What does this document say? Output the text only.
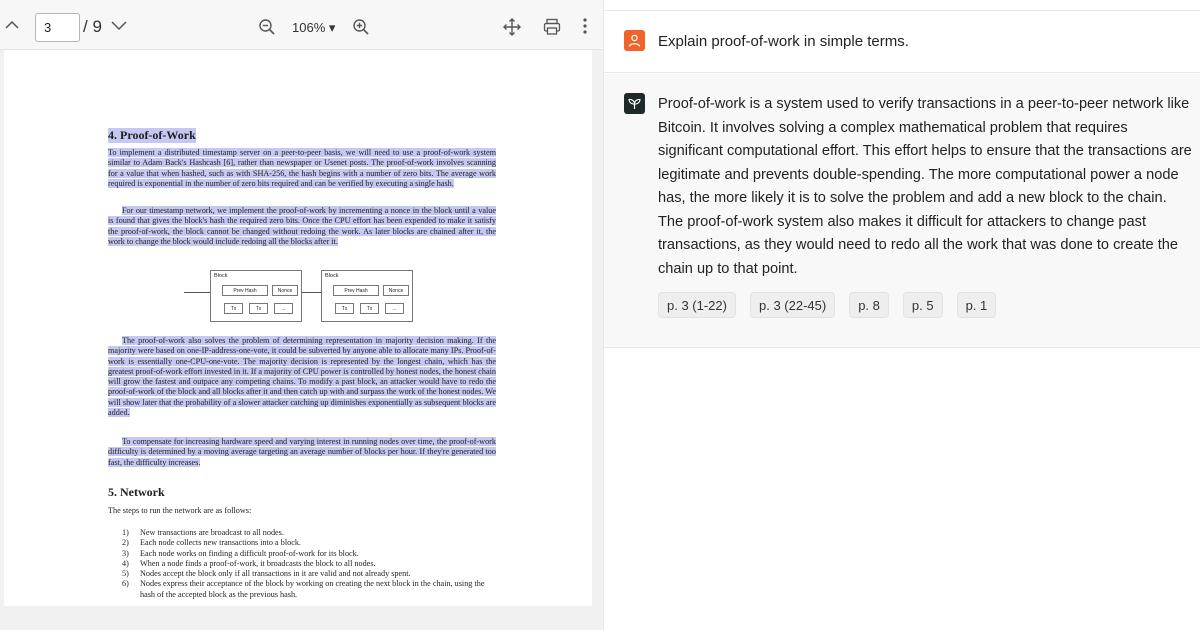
3
/ 9	106% ▾
4. Proof-of-Work
To implement a distributed timestamp server on a peer-to-peer basis, we will need to use a proof-of-work system similar to Adam Back's Hashcash [6], rather than newspaper or Usenet posts. The proof-of-work involves scanning for a value that when hashed, such as with SHA-256, the hash begins with a number of zero bits. The average work required is exponential in the number of zero bits required and can be verified by executing a single hash.
For our timestamp network, we implement the proof-of-work by incrementing a nonce in the block until a value is found that gives the block's hash the required zero bits. Once the CPU effort has been expended to make it satisfy the proof-of-work, the block cannot be changed without redoing the work. As later blocks are chained after it, the work to change the block would include redoing all the blocks after it.
Block
Prev Hash	Nonce
Tx	Tx	...
Block
Prev Hash	Nonce
Tx	Tx	...
The proof-of-work also solves the problem of determining representation in majority decision making. If the majority were based on one-IP-address-one-vote, it could be subverted by anyone able to allocate many IPs. Proof-of-work is essentially one-CPU-one-vote. The majority decision is represented by the longest chain, which has the greatest proof-of-work effort invested in it. If a majority of CPU power is controlled by honest nodes, the honest chain will grow the fastest and outpace any competing chains. To modify a past block, an attacker would have to redo the proof-of-work of the block and all blocks after it and then catch up with and surpass the work of the honest nodes. We will show later that the probability of a slower attacker catching up diminishes exponentially as subsequent blocks are added.
To compensate for increasing hardware speed and varying interest in running nodes over time, the proof-of-work difficulty is determined by a moving average targeting an average number of blocks per hour. If they're generated too fast, the difficulty increases.
5. Network
The steps to run the network are as follows:
1) New transactions are broadcast to all nodes.
2) Each node collects new transactions into a block.
3) Each node works on finding a difficult proof-of-work for its block.
4) When a node finds a proof-of-work, it broadcasts the block to all nodes.
5) Nodes accept the block only if all transactions in it are valid and not already spent.
6) Nodes express their acceptance of the block by working on creating the next block in the chain, using the hash of the accepted block as the previous hash.
Explain proof-of-work in simple terms.
Proof-of-work is a system used to verify transactions in a peer-to-peer network like Bitcoin. It involves solving a complex mathematical problem that requires significant computational effort. This effort helps to ensure that the transactions are legitimate and prevents double-spending. The more computational power a node has, the more likely it is to solve the problem and add a new block to the chain. The proof-of-work system also makes it difficult for attackers to change past transactions, as they would need to redo all the work that was done to create the chain up to that point.
p. 3 (1-22)	p. 3 (22-45)	p. 8	p. 5	p. 1
